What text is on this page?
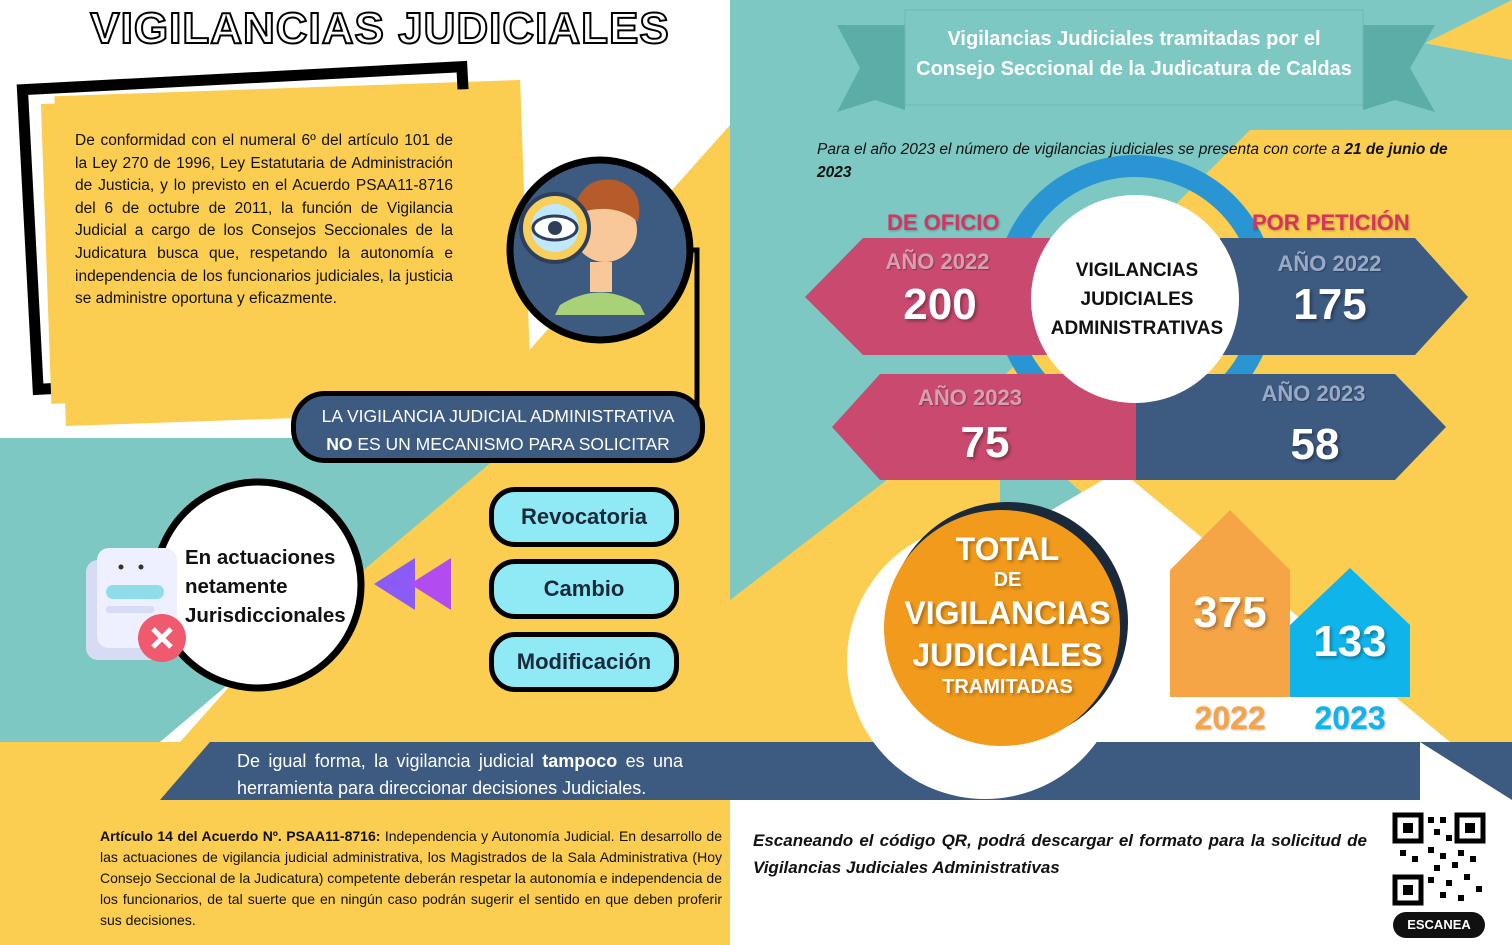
VIGILANCIAS JUDICIALES
De conformidad con el numeral 6º del artículo 101 de la Ley 270 de 1996, Ley Estatutaria de Administración de Justicia, y lo previsto en el Acuerdo PSAA11-8716 del 6 de octubre de 2011, la función de Vigilancia Judicial a cargo de los Consejos Seccionales de la Judicatura busca que, respetando la autonomía e independencia de los funcionarios judiciales, la justicia se administre oportuna y eficazmente.
LA VIGILANCIA JUDICIAL ADMINISTRATIVA
NO ES UN MECANISMO PARA SOLICITAR
Revocatoria
Cambio
Modificación
En actuaciones netamente Jurisdiccionales
De igual forma, la vigilancia judicial tampoco es una herramienta para direccionar decisiones Judiciales.
Artículo 14 del Acuerdo Nº. PSAA11-8716: Independencia y Autonomía Judicial. En desarrollo de las actuaciones de vigilancia judicial administrativa, los Magistrados de la Sala Administrativa (Hoy Consejo Seccional de la Judicatura) competente deberán respetar la autonomía e independencia de los funcionarios, de tal suerte que en ningún caso podrán sugerir el sentido en que deben proferir sus decisiones.
Vigilancias Judiciales tramitadas por el
Consejo Seccional de la Judicatura de Caldas
Para el año 2023 el número de vigilancias judiciales se presenta con corte a 21 de junio de 2023
DE OFICIO	POR PETICIÓN
AÑO 2022
200
AÑO 2023
75
AÑO 2022
175
AÑO 2023
58
VIGILANCIAS JUDICIALES ADMINISTRATIVAS
TOTAL
DE
VIGILANCIAS
JUDICIALES
TRAMITADAS
375
133
2022	2023
Escaneando el código QR, podrá descargar el formato para la solicitud de Vigilancias Judiciales Administrativas
ESCANEA
